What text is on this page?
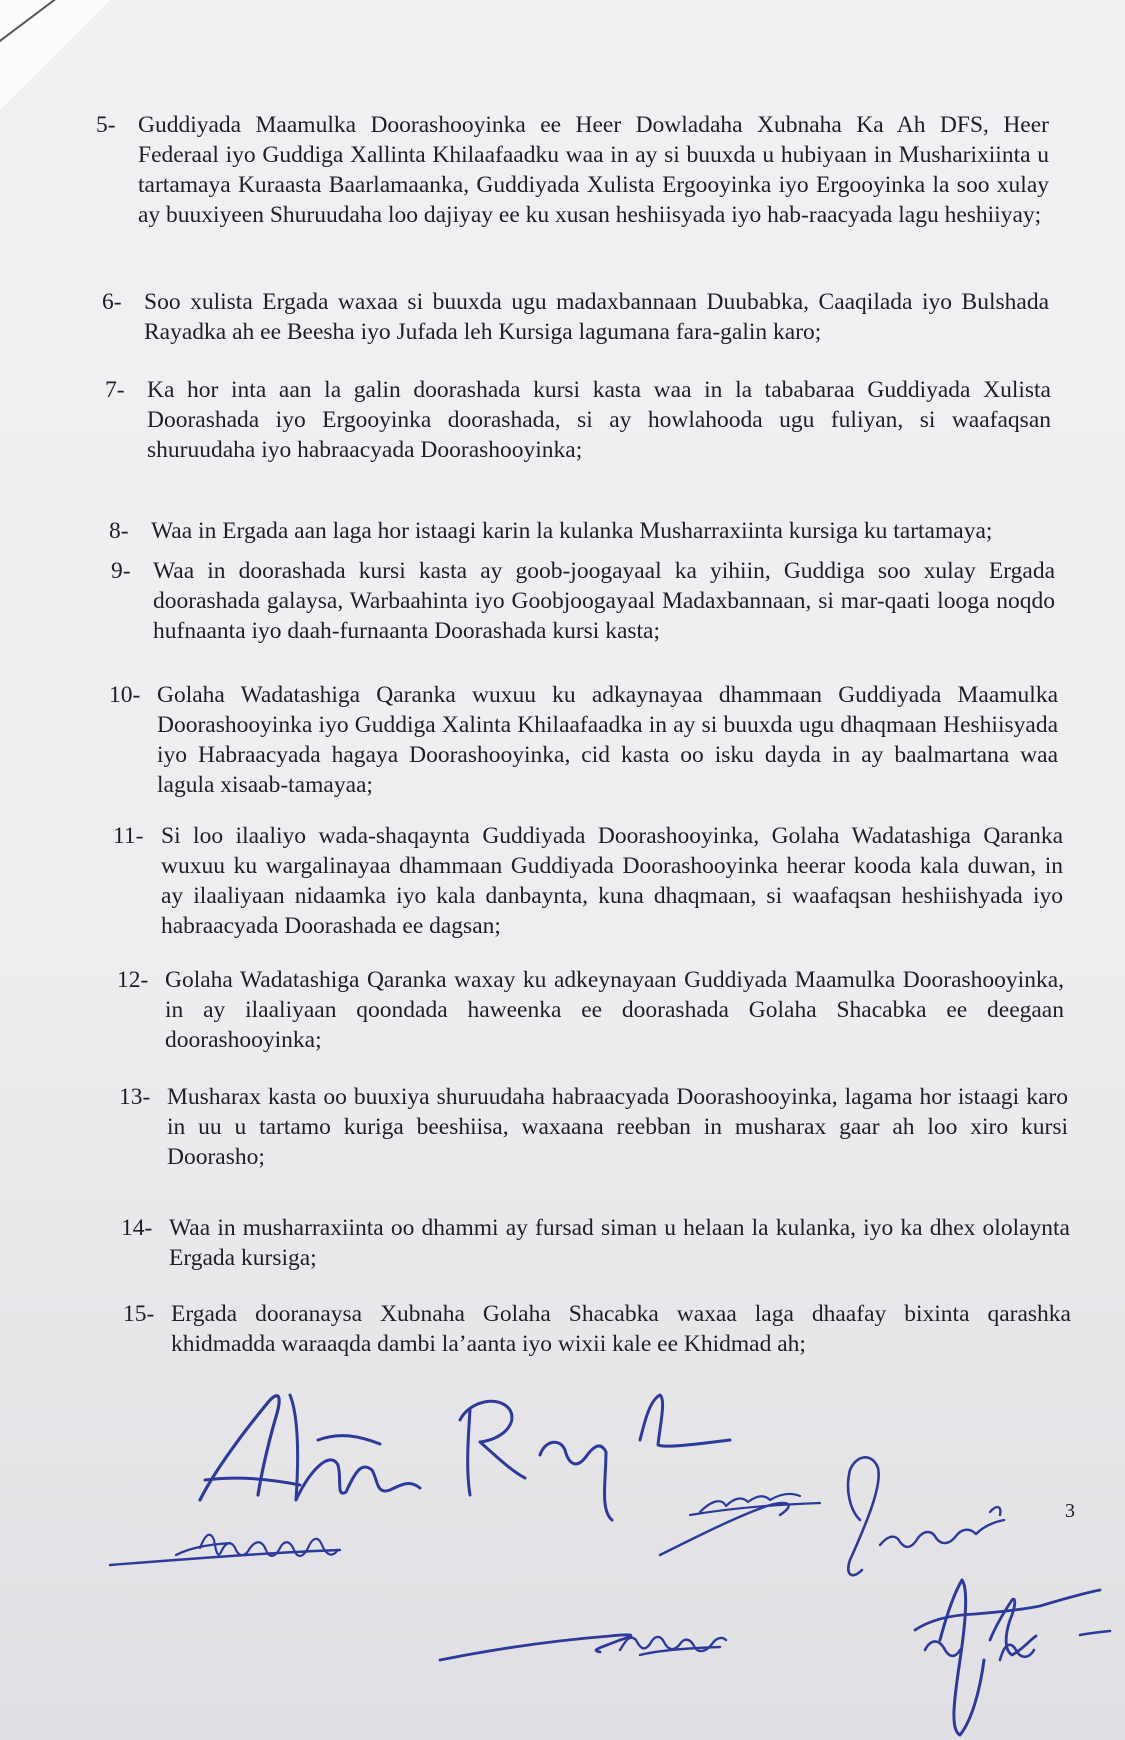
5- Guddiyada Maamulka Doorashooyinka ee Heer Dowladaha Xubnaha Ka Ah DFS, Heer Federaal iyo Guddiga Xallinta Khilaafaadku waa in ay si buuxda u hubiyaan in Musharixiinta u tartamaya Kuraasta Baarlamaanka, Guddiyada Xulista Ergooyinka iyo Ergooyinka la soo xulay ay buuxiyeen Shuruudaha loo dajiyay ee ku xusan heshiisyada iyo hab-raacyada lagu heshiiyay;
6- Soo xulista Ergada waxaa si buuxda ugu madaxbannaan Duubabka, Caaqilada iyo Bulshada Rayadka ah ee Beesha iyo Jufada leh Kursiga lagumana fara-galin karo;
7- Ka hor inta aan la galin doorashada kursi kasta waa in la tababaraa Guddiyada Xulista Doorashada iyo Ergooyinka doorashada, si ay howlahooda ugu fuliyan, si waafaqsan shuruudaha iyo habraacyada Doorashooyinka;
8- Waa in Ergada aan laga hor istaagi karin la kulanka Musharraxiinta kursiga ku tartamaya;
9- Waa in doorashada kursi kasta ay goob-joogayaal ka yihiin, Guddiga soo xulay Ergada doorashada galaysa, Warbaahinta iyo Goobjoogayaal Madaxbannaan, si mar-qaati looga noqdo hufnaanta iyo daah-furnaanta Doorashada kursi kasta;
10- Golaha Wadatashiga Qaranka wuxuu ku adkaynayaa dhammaan Guddiyada Maamulka Doorashooyinka iyo Guddiga Xalinta Khilaafaadka in ay si buuxda ugu dhaqmaan Heshiisyada iyo Habraacyada hagaya Doorashooyinka, cid kasta oo isku dayda in ay baalmartana waa lagula xisaab-tamayaa;
11- Si loo ilaaliyo wada-shaqaynta Guddiyada Doorashooyinka, Golaha Wadatashiga Qaranka wuxuu ku wargalinayaa dhammaan Guddiyada Doorashooyinka heerar kooda kala duwan, in ay ilaaliyaan nidaamka iyo kala danbaynta, kuna dhaqmaan, si waafaqsan heshiishyada iyo habraacyada Doorashada ee dagsan;
12- Golaha Wadatashiga Qaranka waxay ku adkeynayaan Guddiyada Maamulka Doorashooyinka, in ay ilaaliyaan qoondada haweenka ee doorashada Golaha Shacabka ee deegaan doorashooyinka;
13- Musharax kasta oo buuxiya shuruudaha habraacyada Doorashooyinka, lagama hor istaagi karo in uu u tartamo kuriga beeshiisa, waxaana reebban in musharax gaar ah loo xiro kursi Doorasho;
14- Waa in musharraxiinta oo dhammi ay fursad siman u helaan la kulanka, iyo ka dhex ololaynta Ergada kursiga;
15- Ergada dooranaysa Xubnaha Golaha Shacabka waxaa laga dhaafay bixinta qarashka khidmadda waraaqda dambi la’aanta iyo wixii kale ee Khidmad ah;
3
